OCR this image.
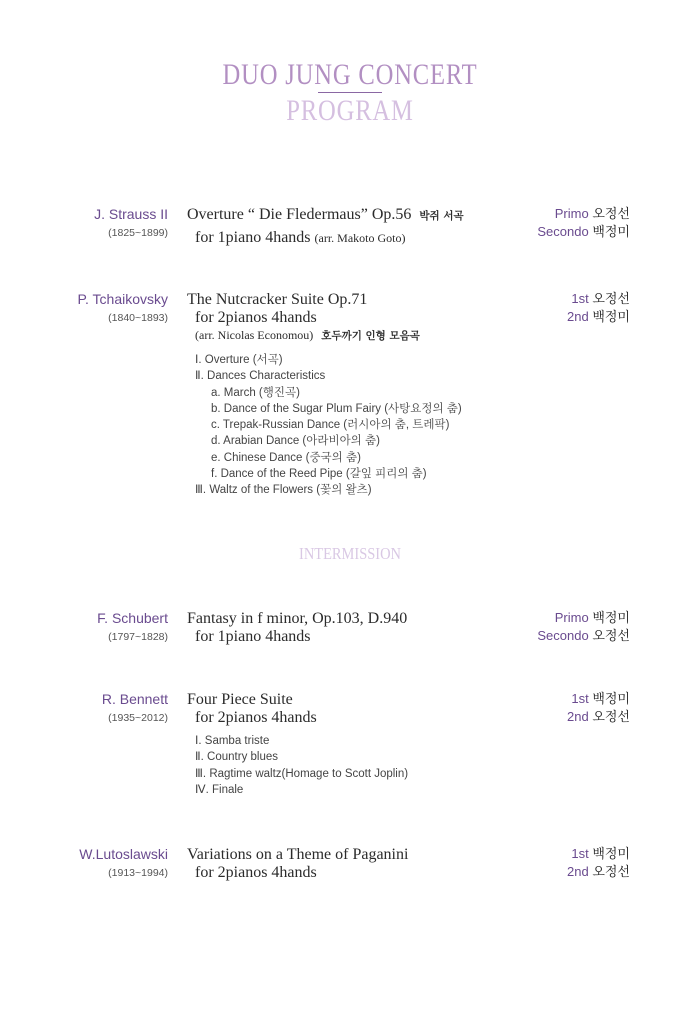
DUO JUNG CONCERT
PROGRAM
J. Strauss II
(1825~1899)
Overture “ Die Fledermaus” Op.56 박쥐 서곡
for 1piano 4hands (arr. Makoto Goto)
Primo 오정선
Secondo 백정미
P. Tchaikovsky
(1840~1893)
The Nutcracker Suite Op.71
for 2pianos 4hands
(arr. Nicolas Economou) 호두까기 인형 모음곡
Ⅰ. Overture (서곡)
Ⅱ. Dances Characteristics
a. March (행진곡)
b. Dance of the Sugar Plum Fairy (사탕요정의 춤)
c. Trepak-Russian Dance (러시아의 춤, 트레팍)
d. Arabian Dance (아라비아의 춤)
e. Chinese Dance (중국의 춤)
f. Dance of the Reed Pipe (갈잎 피리의 춤)
Ⅲ. Waltz of the Flowers (꽃의 왈츠)
1st 오정선
2nd 백정미
INTERMISSION
F. Schubert
(1797~1828)
Fantasy in f minor, Op.103, D.940
for 1piano 4hands
Primo 백정미
Secondo 오정선
R. Bennett
(1935~2012)
Four Piece Suite
for 2pianos 4hands
Ⅰ. Samba triste
Ⅱ. Country blues
Ⅲ. Ragtime waltz(Homage to Scott Joplin)
Ⅳ. Finale
1st 백정미
2nd 오정선
W.Lutoslawski
(1913~1994)
Variations on a Theme of Paganini
for 2pianos 4hands
1st 백정미
2nd 오정선
